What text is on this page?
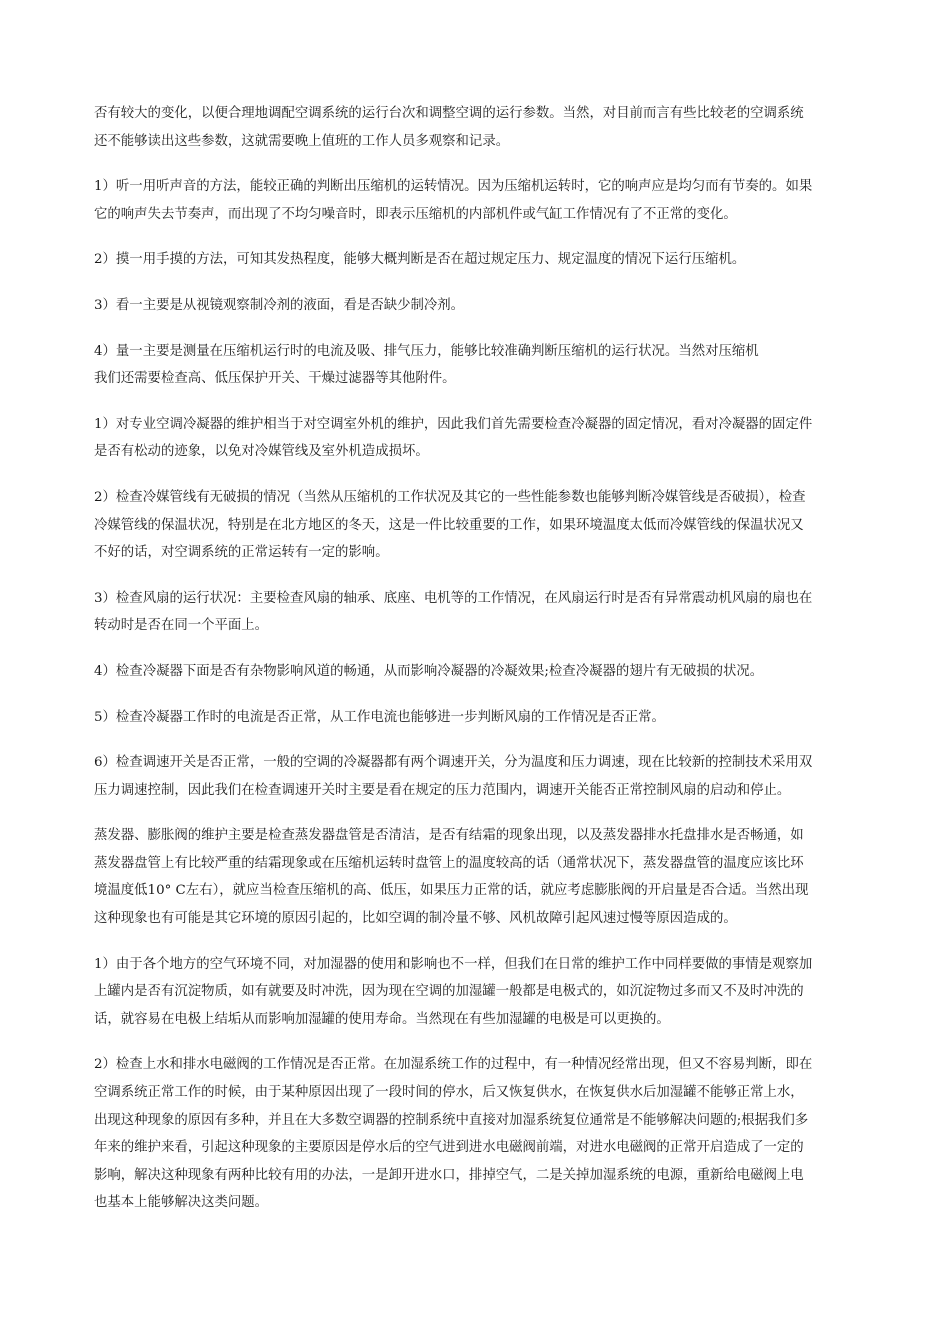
否有较大的变化，以便合理地调配空调系统的运行台次和调整空调的运行参数。当然，对目前而言有些比较老的空调系统
还不能够读出这些参数，这就需要晚上值班的工作人员多观察和记录。

1）听一用听声音的方法，能较正确的判断出压缩机的运转情况。因为压缩机运转时，它的响声应是均匀而有节奏的。如果
它的响声失去节奏声，而出现了不均匀噪音时，即表示压缩机的内部机件或气缸工作情况有了不正常的变化。

2）摸一用手摸的方法，可知其发热程度，能够大概判断是否在超过规定压力、规定温度的情况下运行压缩机。

3）看一主要是从视镜观察制冷剂的液面，看是否缺少制冷剂。

4）量一主要是测量在压缩机运行时的电流及吸、排气压力，能够比较准确判断压缩机的运行状况。当然对压缩机
我们还需要检查高、低压保护开关、干燥过滤器等其他附件。

1）对专业空调冷凝器的维护相当于对空调室外机的维护，因此我们首先需要检查冷凝器的固定情况，看对冷凝器的固定件
是否有松动的迹象，以免对冷媒管线及室外机造成损坏。

2）检查冷媒管线有无破损的情况（当然从压缩机的工作状况及其它的一些性能参数也能够判断冷媒管线是否破损），检查
冷媒管线的保温状况，特别是在北方地区的冬天，这是一件比较重要的工作，如果环境温度太低而冷媒管线的保温状况又
不好的话，对空调系统的正常运转有一定的影响。

3）检查风扇的运行状况：主要检查风扇的轴承、底座、电机等的工作情况，在风扇运行时是否有异常震动机风扇的扇也在
转动时是否在同一个平面上。

4）检查冷凝器下面是否有杂物影响风道的畅通，从而影响冷凝器的冷凝效果;检查冷凝器的翅片有无破损的状况。

5）检查冷凝器工作时的电流是否正常，从工作电流也能够进一步判断风扇的工作情况是否正常。

6）检查调速开关是否正常，一般的空调的冷凝器都有两个调速开关，分为温度和压力调速，现在比较新的控制技术采用双
压力调速控制，因此我们在检查调速开关时主要是看在规定的压力范围内，调速开关能否正常控制风扇的启动和停止。

蒸发器、膨胀阀的维护主要是检查蒸发器盘管是否清洁，是否有结霜的现象出现，以及蒸发器排水托盘排水是否畅通，如
蒸发器盘管上有比较严重的结霜现象或在压缩机运转时盘管上的温度较高的话（通常状况下，蒸发器盘管的温度应该比环
境温度低10° C左右），就应当检查压缩机的高、低压，如果压力正常的话，就应考虑膨胀阀的开启量是否合适。当然出现
这种现象也有可能是其它环境的原因引起的，比如空调的制冷量不够、风机故障引起风速过慢等原因造成的。

1）由于各个地方的空气环境不同，对加湿器的使用和影响也不一样，但我们在日常的维护工作中同样要做的事情是观察加
上罐内是否有沉淀物质，如有就要及时冲洗，因为现在空调的加湿罐一般都是电极式的，如沉淀物过多而又不及时冲洗的
话，就容易在电极上结垢从而影响加湿罐的使用寿命。当然现在有些加湿罐的电极是可以更换的。

2）检查上水和排水电磁阀的工作情况是否正常。在加湿系统工作的过程中，有一种情况经常出现，但又不容易判断，即在
空调系统正常工作的时候，由于某种原因出现了一段时间的停水，后又恢复供水，在恢复供水后加湿罐不能够正常上水，
出现这种现象的原因有多种，并且在大多数空调器的控制系统中直接对加湿系统复位通常是不能够解决问题的;根据我们多
年来的维护来看，引起这种现象的主要原因是停水后的空气进到进水电磁阀前端，对进水电磁阀的正常开启造成了一定的
影响，解决这种现象有两种比较有用的办法，一是卸开进水口，排掉空气，二是关掉加湿系统的电源，重新给电磁阀上电
也基本上能够解决这类问题。
